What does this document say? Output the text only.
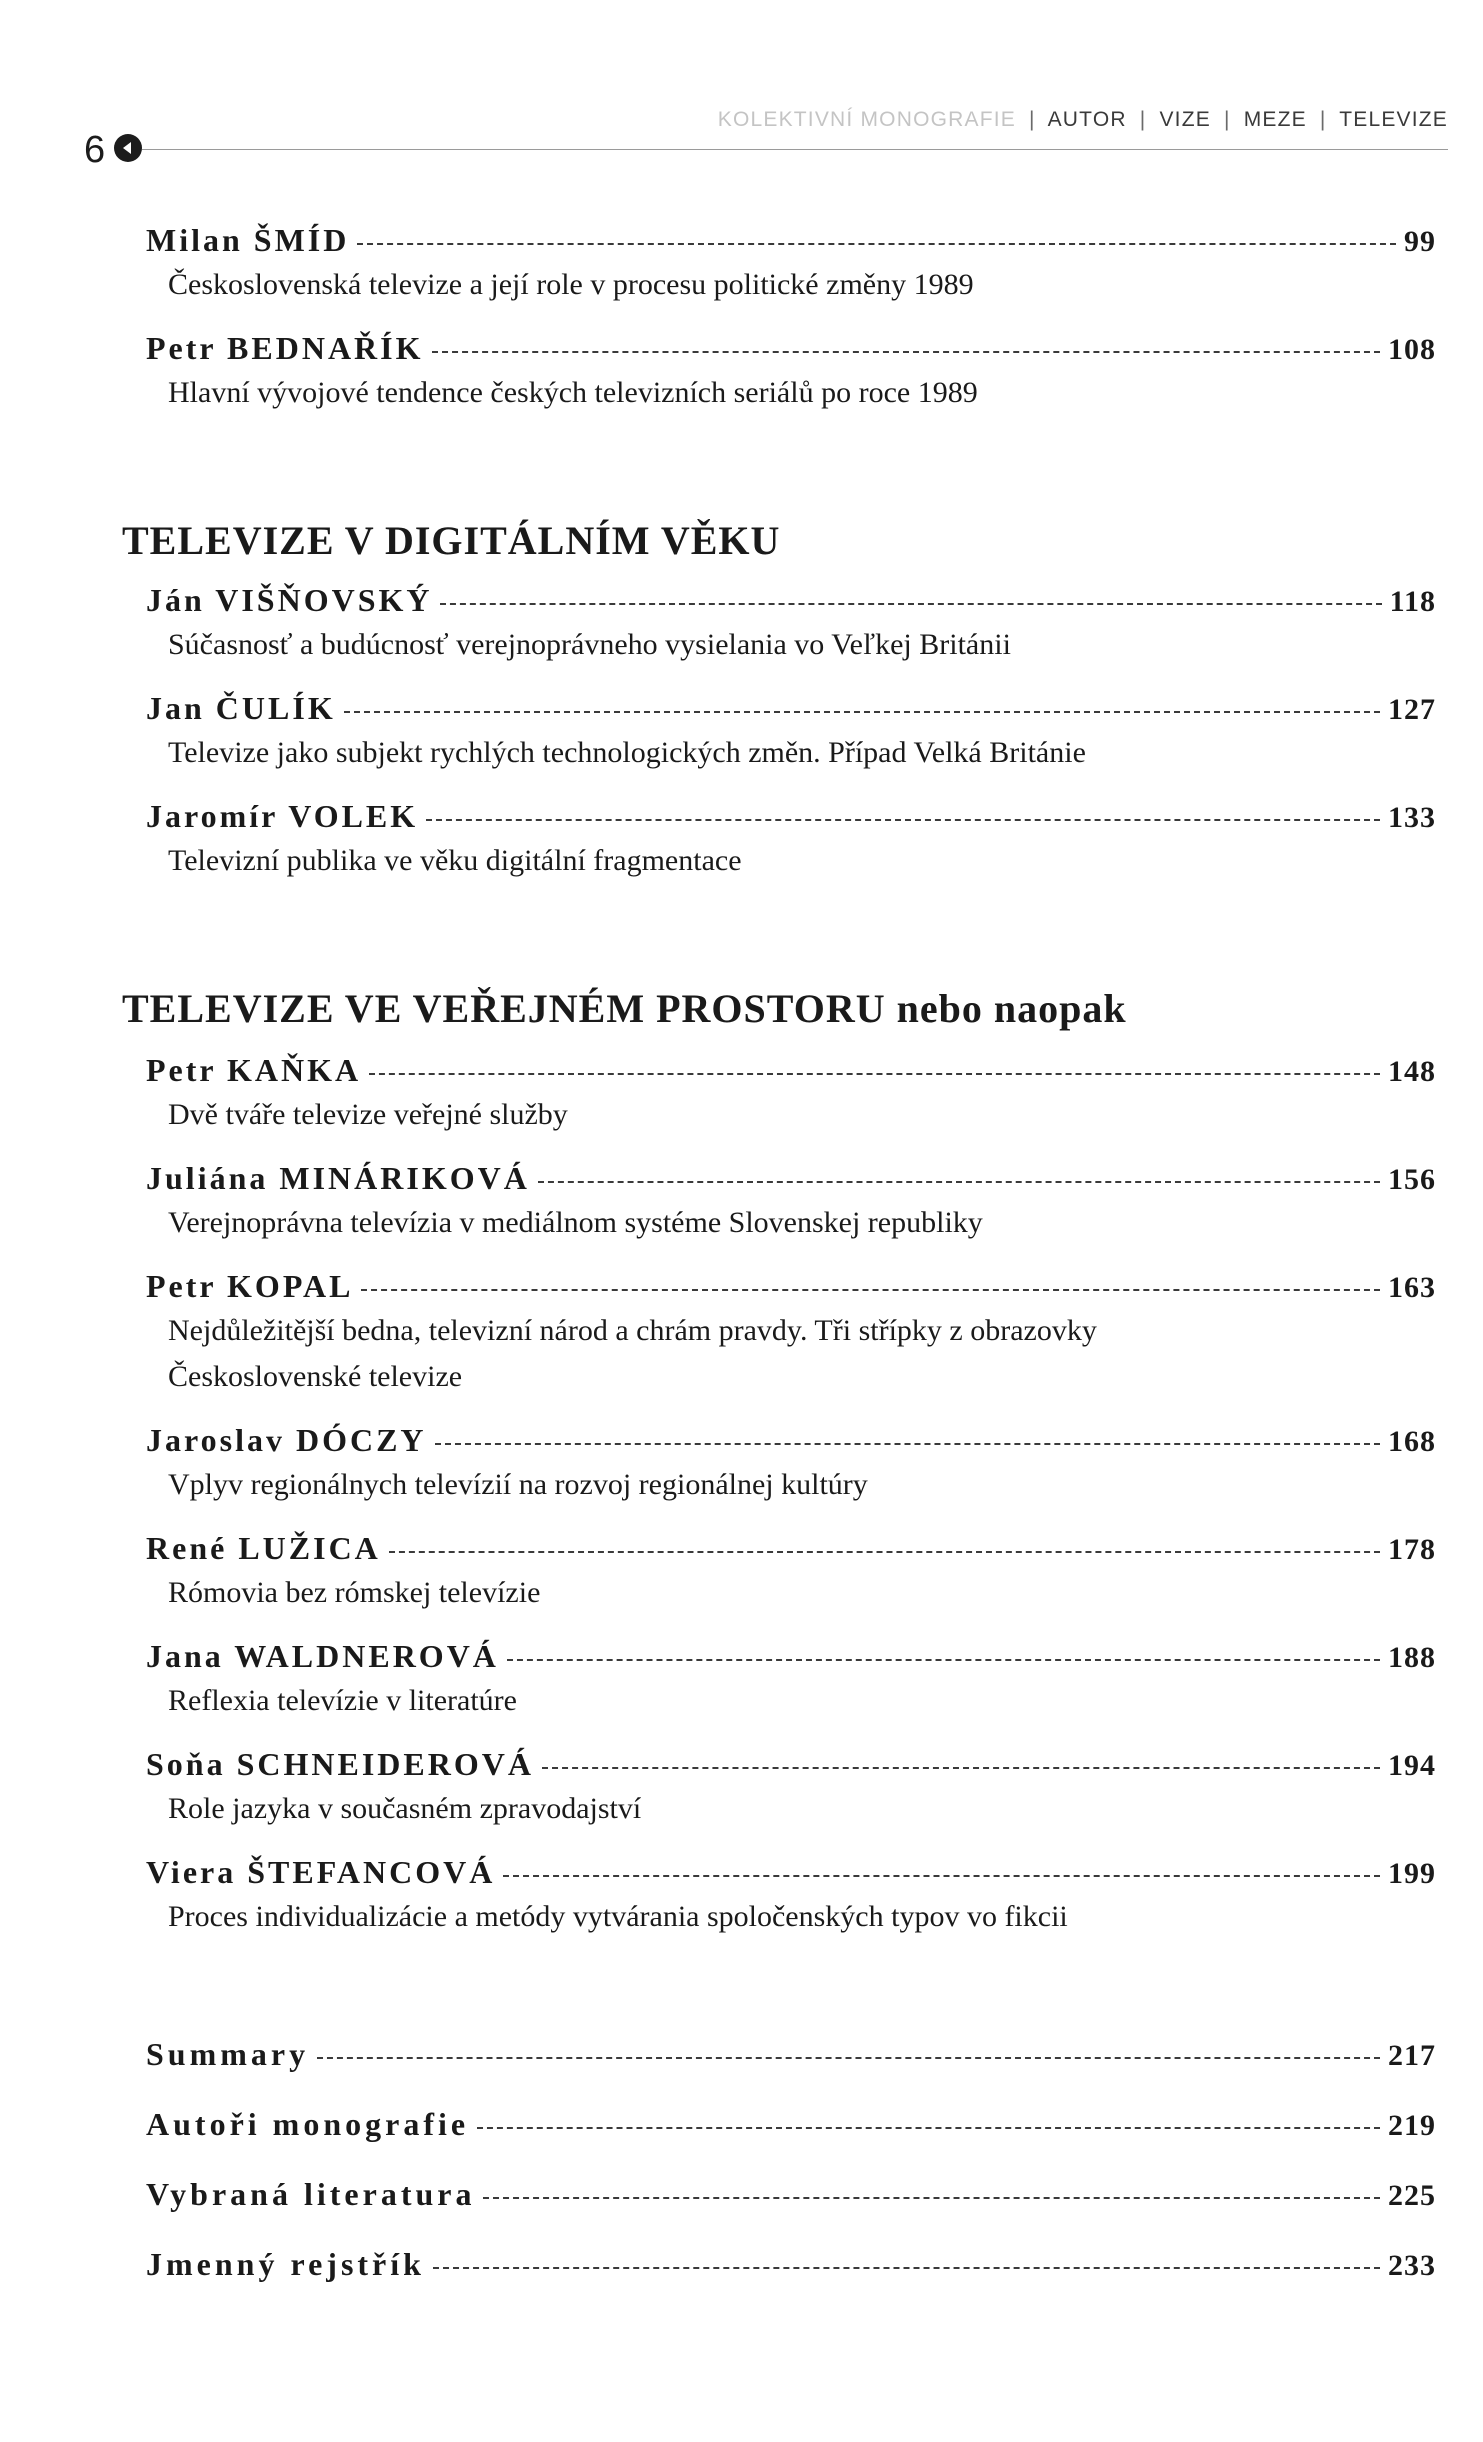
6
KOLEKTIVNÍ MONOGRAFIE | AUTOR | VIZE | MEZE | TELEVIZE
Milan ŠMÍD	99
Československá televize a její role v procesu politické změny 1989
Petr BEDNAŘÍK	108
Hlavní vývojové tendence českých televizních seriálů po roce 1989
TELEVIZE V DIGITÁLNÍM VĚKU
Ján VIŠŇOVSKÝ	118
Súčasnosť a budúcnosť verejnoprávneho vysielania vo Veľkej Británii
Jan ČULÍK	127
Televize jako subjekt rychlých technologických změn. Případ Velká Británie
Jaromír VOLEK	133
Televizní publika ve věku digitální fragmentace
TELEVIZE VE VEŘEJNÉM PROSTORU nebo naopak
Petr KAŇKA	148
Dvě tváře televize veřejné služby
Juliána MINÁRIKOVÁ	156
Verejnoprávna televízia v mediálnom systéme Slovenskej republiky
Petr KOPAL	163
Nejdůležitější bedna, televizní národ a chrám pravdy. Tři střípky z obrazovky
Československé televize
Jaroslav DÓCZY	168
Vplyv regionálnych televízií na rozvoj regionálnej kultúry
René LUŽICA	178
Rómovia bez rómskej televízie
Jana WALDNEROVÁ	188
Reflexia televízie v literatúre
Soňa SCHNEIDEROVÁ	194
Role jazyka v současném zpravodajství
Viera ŠTEFANCOVÁ	199
Proces individualizácie a metódy vytvárania spoločenských typov vo fikcii
Summary	217
Autoři monografie	219
Vybraná literatura	225
Jmenný rejstřík	233
